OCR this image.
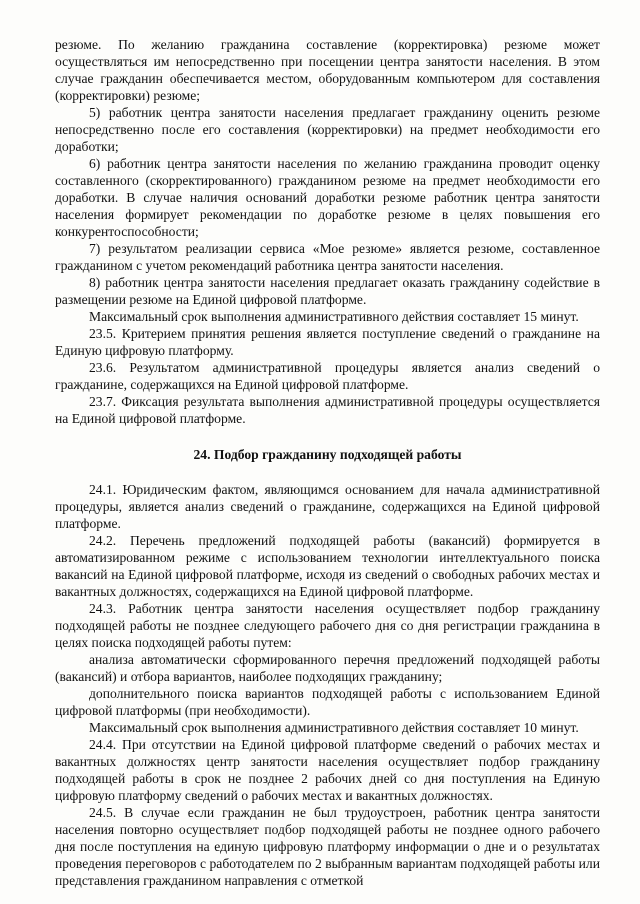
резюме. По желанию гражданина составление (корректировка) резюме может осуществляться им непосредственно при посещении центра занятости населения. В этом случае гражданин обеспечивается местом, оборудованным компьютером для составления (корректировки) резюме;

5) работник центра занятости населения предлагает гражданину оценить резюме непосредственно после его составления (корректировки) на предмет необходимости его доработки;

6) работник центра занятости населения по желанию гражданина проводит оценку составленного (скорректированного) гражданином резюме на предмет необходимости его доработки. В случае наличия оснований доработки резюме работник центра занятости населения формирует рекомендации по доработке резюме в целях повышения его конкурентоспособности;

7) результатом реализации сервиса «Мое резюме» является резюме, составленное гражданином с учетом рекомендаций работника центра занятости населения.

8) работник центра занятости населения предлагает оказать гражданину содействие в размещении резюме на Единой цифровой платформе.

Максимальный срок выполнения административного действия составляет 15 минут.

23.5. Критерием принятия решения является поступление сведений о гражданине на Единую цифровую платформу.

23.6. Результатом административной процедуры является анализ сведений о гражданине, содержащихся на Единой цифровой платформе.

23.7. Фиксация результата выполнения административной процедуры осуществляется на Единой цифровой платформе.

24. Подбор гражданину подходящей работы

24.1. Юридическим фактом, являющимся основанием для начала административной процедуры, является анализ сведений о гражданине, содержащихся на Единой цифровой платформе.

24.2. Перечень предложений подходящей работы (вакансий) формируется в автоматизированном режиме с использованием технологии интеллектуального поиска вакансий на Единой цифровой платформе, исходя из сведений о свободных рабочих местах и вакантных должностях, содержащихся на Единой цифровой платформе.

24.3. Работник центра занятости населения осуществляет подбор гражданину подходящей работы не позднее следующего рабочего дня со дня регистрации гражданина в целях поиска подходящей работы путем:

анализа автоматически сформированного перечня предложений подходящей работы (вакансий) и отбора вариантов, наиболее подходящих гражданину;

дополнительного поиска вариантов подходящей работы с использованием Единой цифровой платформы (при необходимости).

Максимальный срок выполнения административного действия составляет 10 минут.

24.4. При отсутствии на Единой цифровой платформе сведений о рабочих местах и вакантных должностях центр занятости населения осуществляет подбор гражданину подходящей работы в срок не позднее 2 рабочих дней со дня поступления на Единую цифровую платформу сведений о рабочих местах и вакантных должностях.

24.5. В случае если гражданин не был трудоустроен, работник центра занятости населения повторно осуществляет подбор подходящей работы не позднее одного рабочего дня после поступления на единую цифровую платформу информации о дне и о результатах проведения переговоров с работодателем по 2 выбранным вариантам подходящей работы или представления гражданином направления с отметкой
